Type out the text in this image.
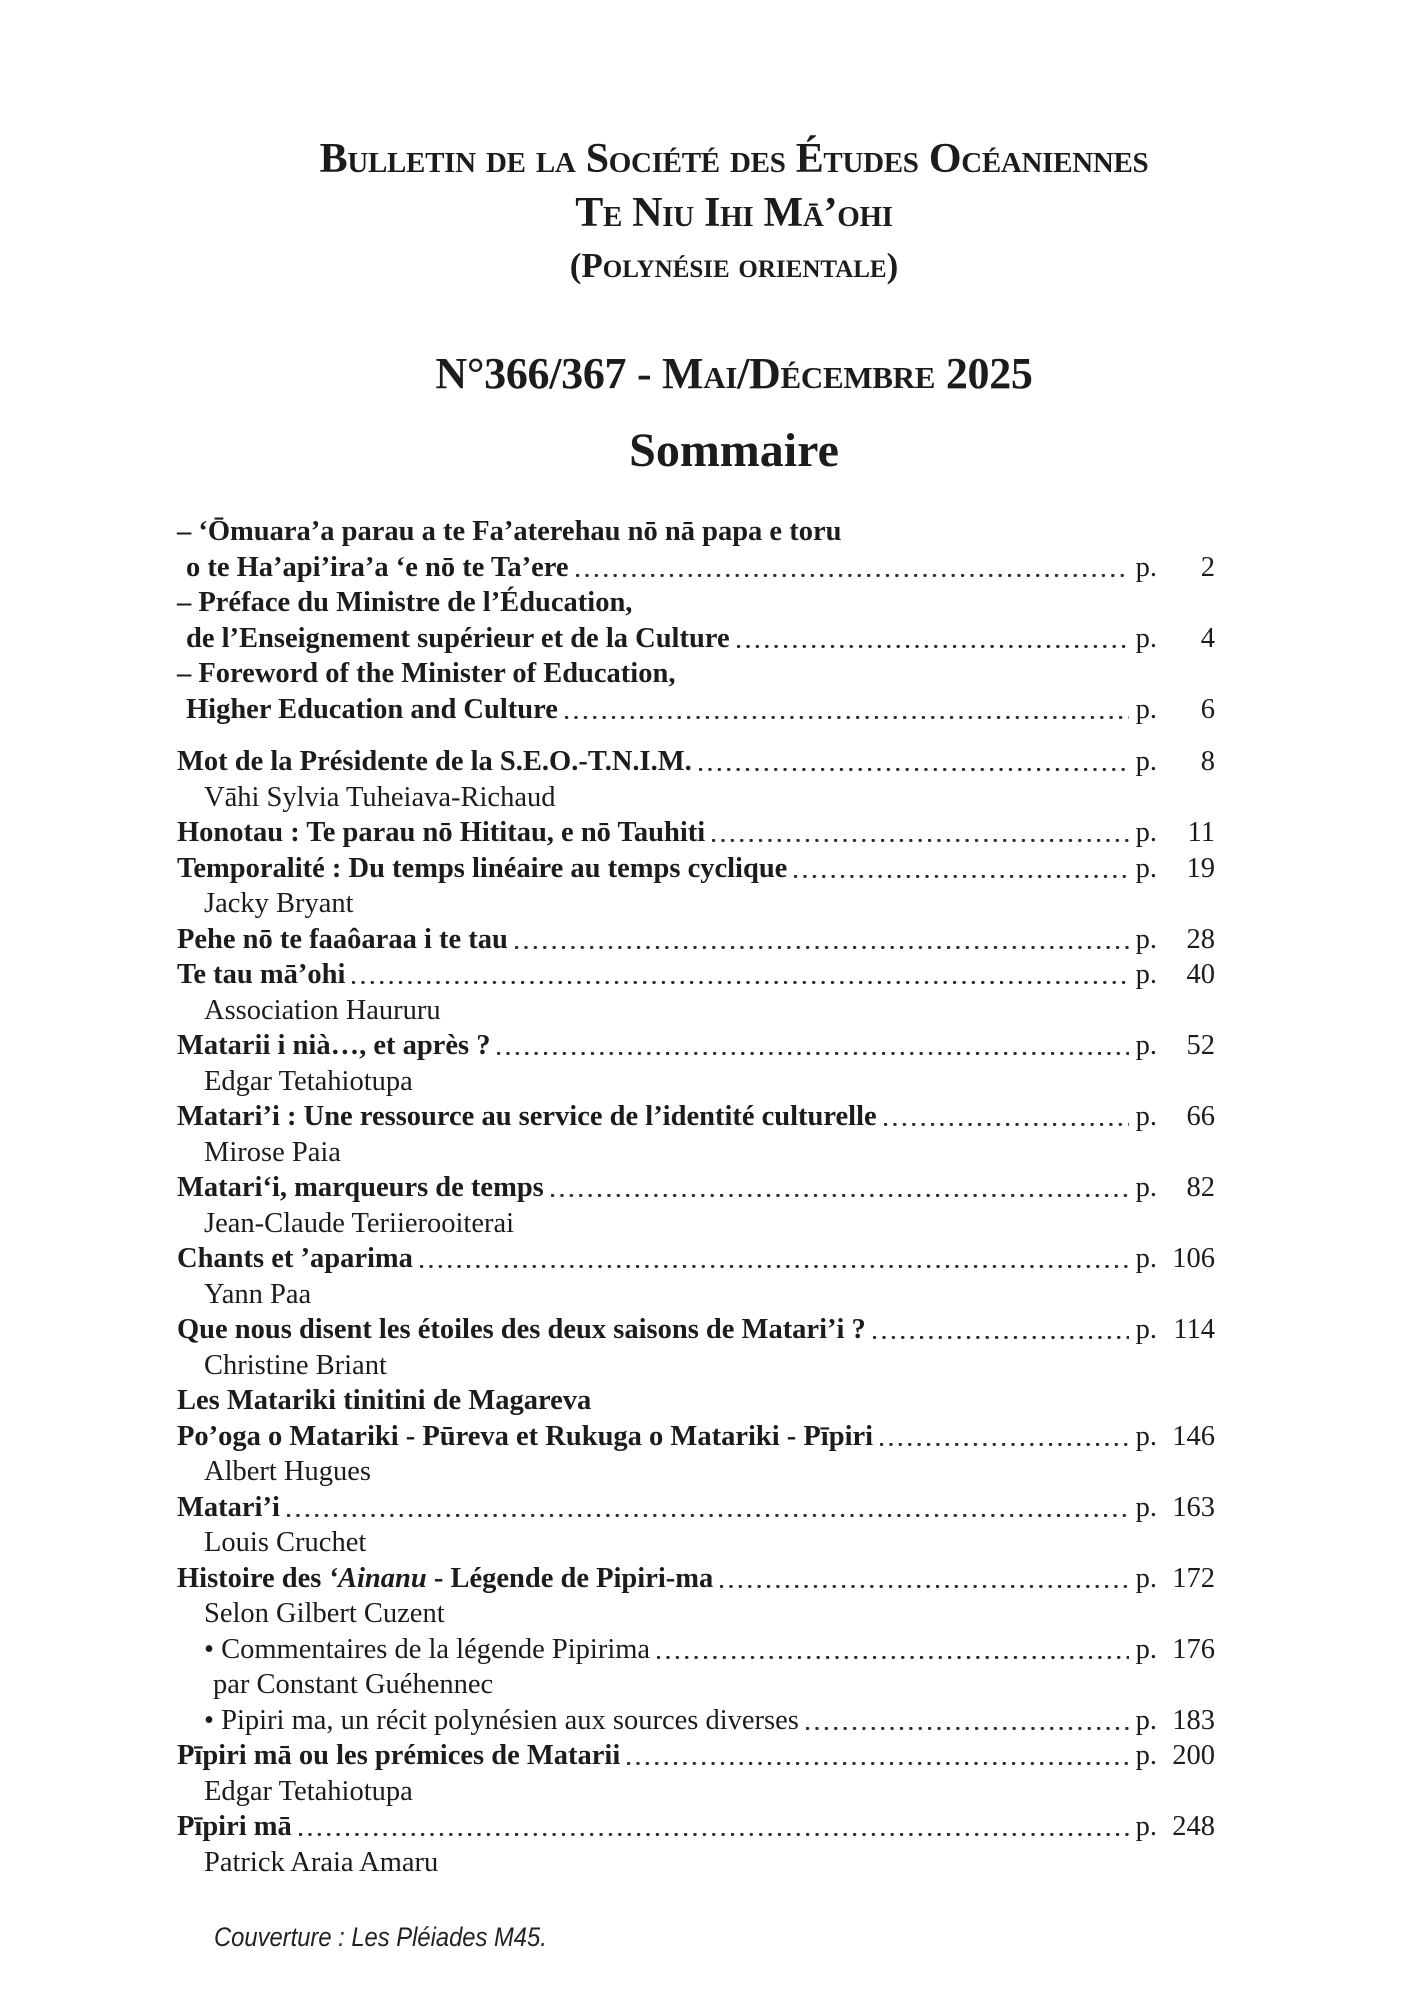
Bulletin de la Société des Études Océaniennes
Te Niu Ihi Mā’ohi
(Polynésie orientale)
N°366/367 - Mai/Décembre 2025
Sommaire
– ‘Ōmuara’a parau a te Fa’aterehau nō nā papa e toru
o te Ha’api’ira’a ‘e nō te Ta’ere	p.	2
– Préface du Ministre de l’Éducation,
de l’Enseignement supérieur et de la Culture	p.	4
– Foreword of the Minister of Education,
Higher Education and Culture	p.	6
Mot de la Présidente de la S.E.O.-T.N.I.M.	p.	8
Vāhi Sylvia Tuheiava-Richaud
Honotau : Te parau nō Hititau, e nō Tauhiti	p.	11
Temporalité : Du temps linéaire au temps cyclique	p.	19
Jacky Bryant
Pehe nō te faaôaraa i te tau	p.	28
Te tau mā’ohi	p.	40
Association Haururu
Matarii i nià…, et après ?	p.	52
Edgar Tetahiotupa
Matari’i : Une ressource au service de l’identité culturelle	p.	66
Mirose Paia
Matari‘i, marqueurs de temps	p.	82
Jean-Claude Teriierooiterai
Chants et ’aparima	p. 106
Yann Paa
Que nous disent les étoiles des deux saisons de Matari’i ?	p. 114
Christine Briant
Les Matariki tinitini de Magareva
Po’oga o Matariki - Pūreva et Rukuga o Matariki - Pīpiri	p. 146
Albert Hugues
Matari’i	p. 163
Louis Cruchet
Histoire des ‘Ainanu - Légende de Pipiri-ma	p. 172
Selon Gilbert Cuzent
• Commentaires de la légende Pipirima	p. 176
par Constant Guéhennec
• Pipiri ma, un récit polynésien aux sources diverses	p. 183
Pīpiri mā ou les prémices de Matarii	p. 200
Edgar Tetahiotupa
Pīpiri mā	p. 248
Patrick Araia Amaru
Couverture : Les Pléiades M45.
